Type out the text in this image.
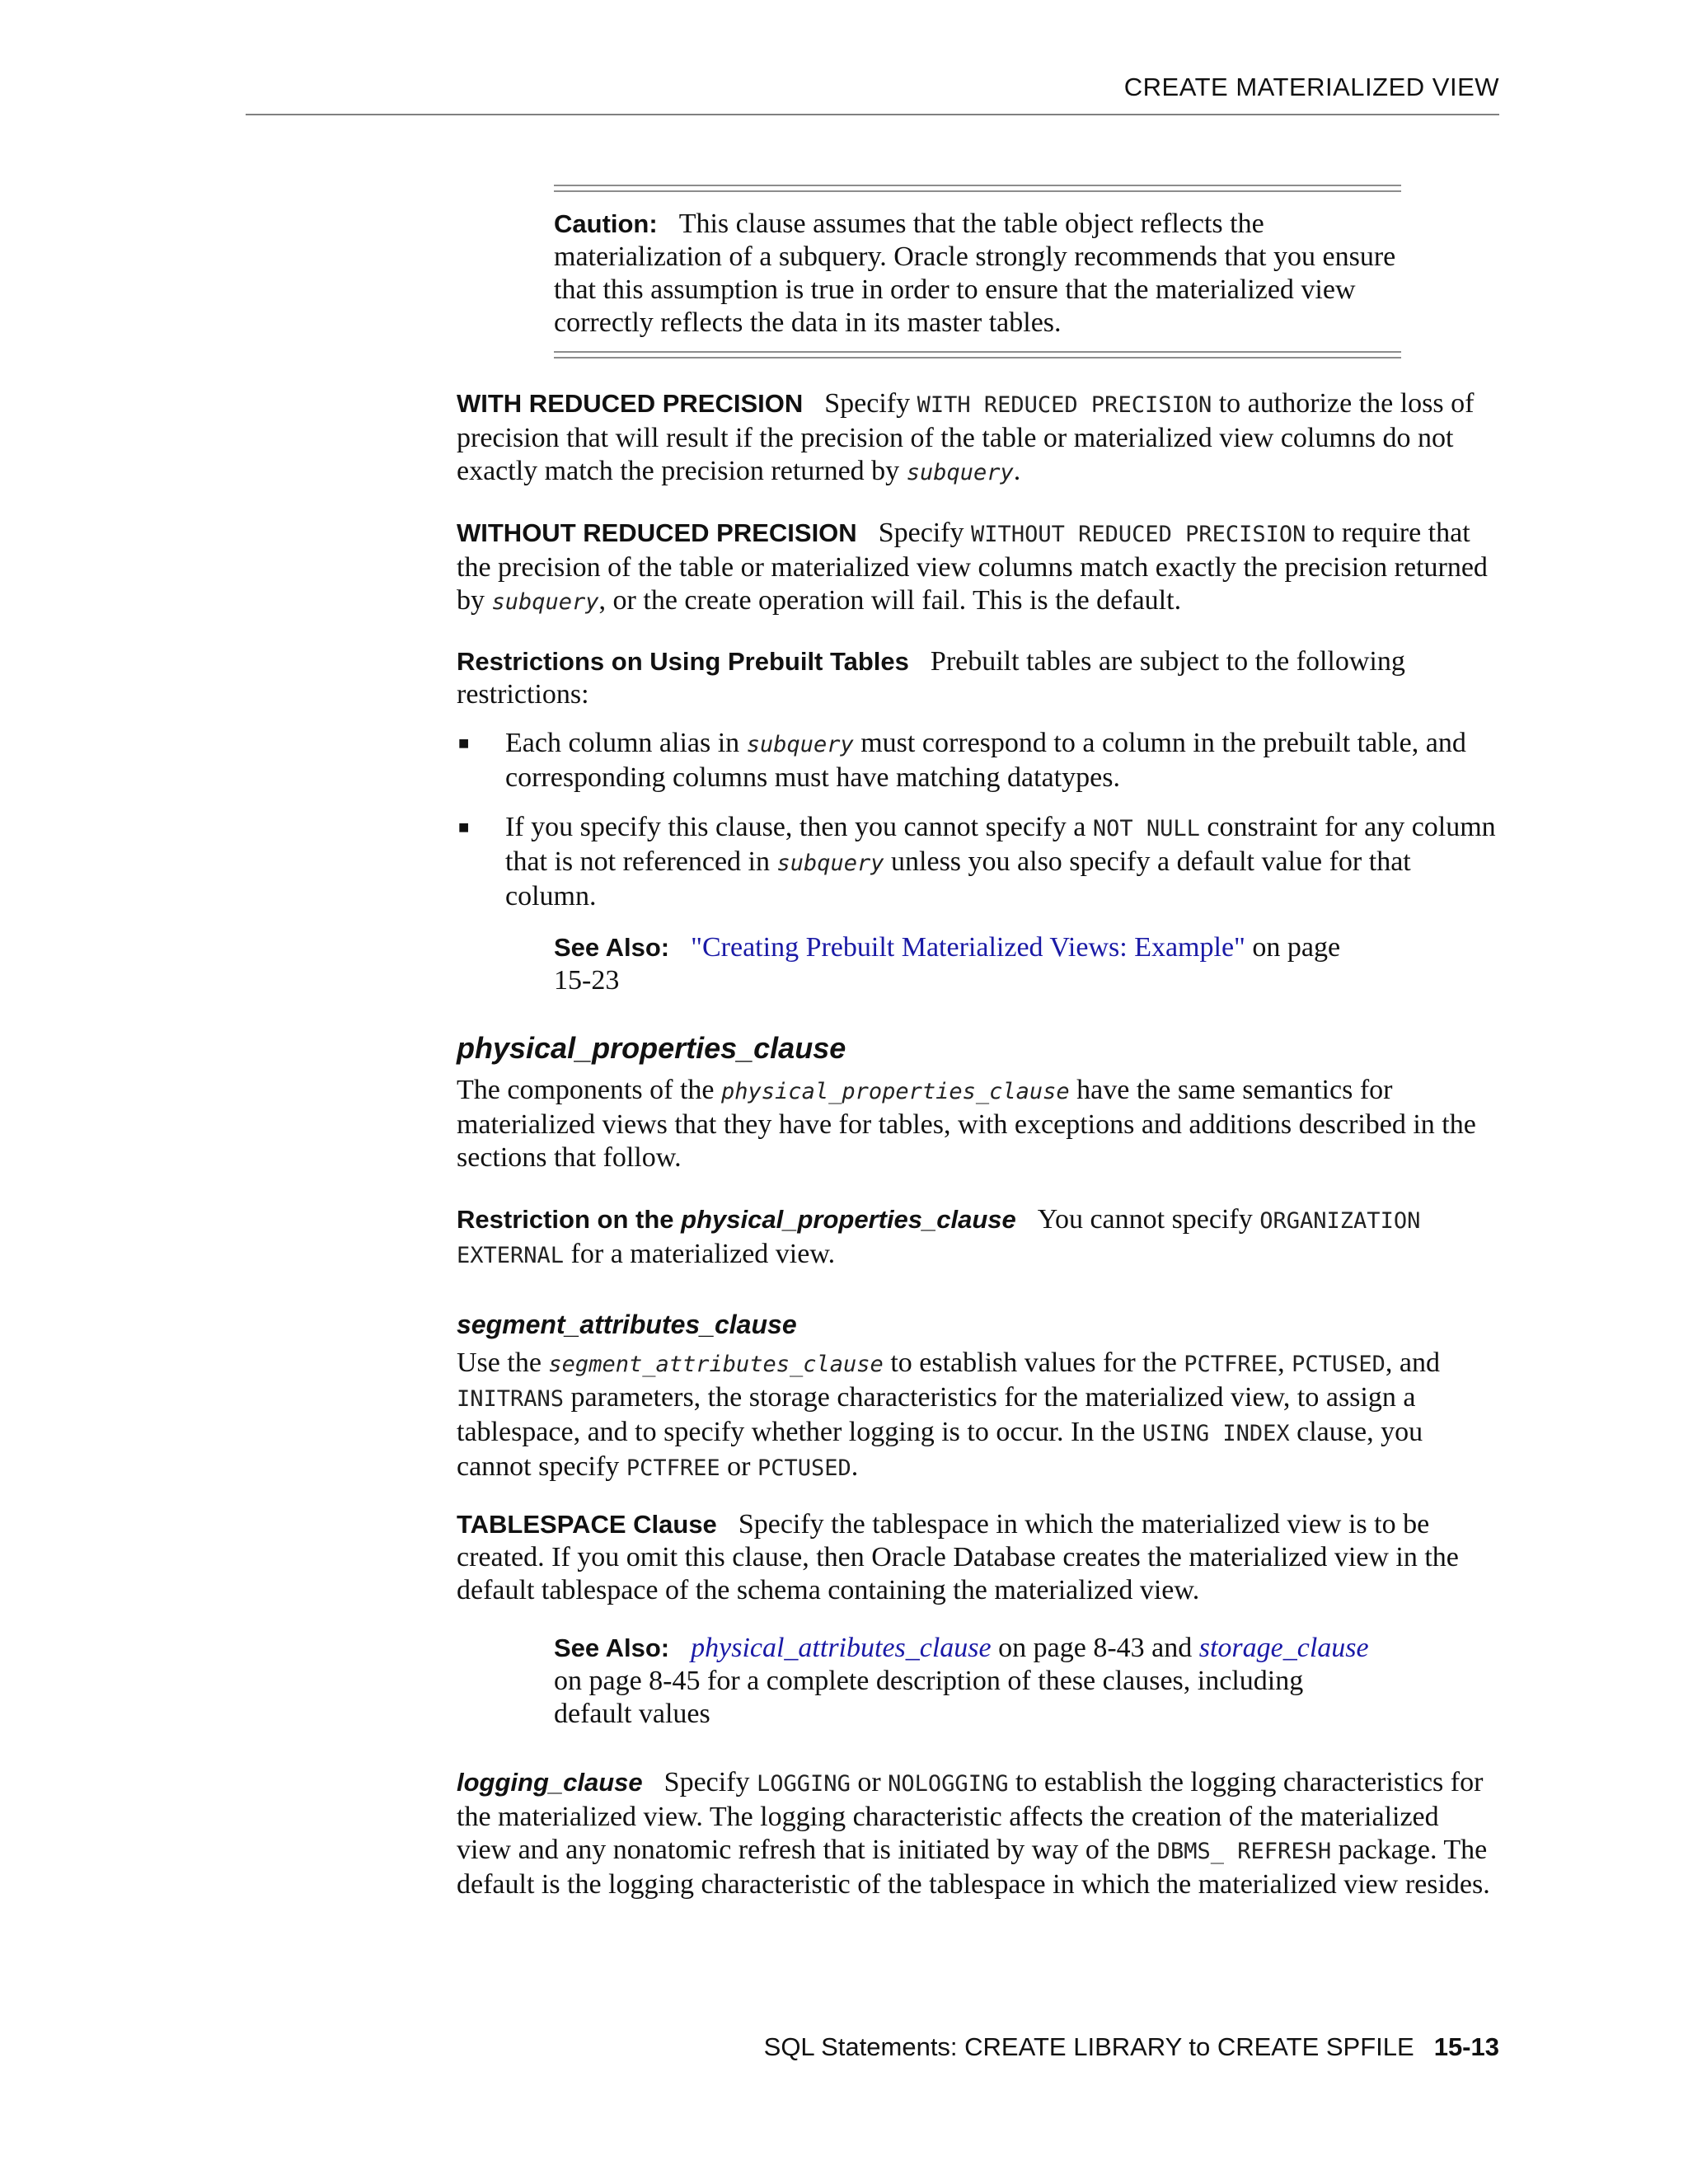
CREATE MATERIALIZED VIEW
Caution: This clause assumes that the table object reflects the materialization of a subquery. Oracle strongly recommends that you ensure that this assumption is true in order to ensure that the materialized view correctly reflects the data in its master tables.
WITH REDUCED PRECISION Specify WITH REDUCED PRECISION to authorize the loss of precision that will result if the precision of the table or materialized view columns do not exactly match the precision returned by subquery.
WITHOUT REDUCED PRECISION Specify WITHOUT REDUCED PRECISION to require that the precision of the table or materialized view columns match exactly the precision returned by subquery, or the create operation will fail. This is the default.
Restrictions on Using Prebuilt Tables Prebuilt tables are subject to the following restrictions:
■ Each column alias in subquery must correspond to a column in the prebuilt table, and corresponding columns must have matching datatypes.
■ If you specify this clause, then you cannot specify a NOT NULL constraint for any column that is not referenced in subquery unless you also specify a default value for that column.
See Also: "Creating Prebuilt Materialized Views: Example" on page 15-23
physical_properties_clause
The components of the physical_properties_clause have the same semantics for materialized views that they have for tables, with exceptions and additions described in the sections that follow.
Restriction on the physical_properties_clause You cannot specify ORGANIZATION EXTERNAL for a materialized view.
segment_attributes_clause
Use the segment_attributes_clause to establish values for the PCTFREE, PCTUSED, and INITRANS parameters, the storage characteristics for the materialized view, to assign a tablespace, and to specify whether logging is to occur. In the USING INDEX clause, you cannot specify PCTFREE or PCTUSED.
TABLESPACE Clause Specify the tablespace in which the materialized view is to be created. If you omit this clause, then Oracle Database creates the materialized view in the default tablespace of the schema containing the materialized view.
See Also: physical_attributes_clause on page 8-43 and storage_clause on page 8-45 for a complete description of these clauses, including default values
logging_clause Specify LOGGING or NOLOGGING to establish the logging characteristics for the materialized view. The logging characteristic affects the creation of the materialized view and any nonatomic refresh that is initiated by way of the DBMS_ REFRESH package. The default is the logging characteristic of the tablespace in which the materialized view resides.
SQL Statements: CREATE LIBRARY to CREATE SPFILE 15-13
